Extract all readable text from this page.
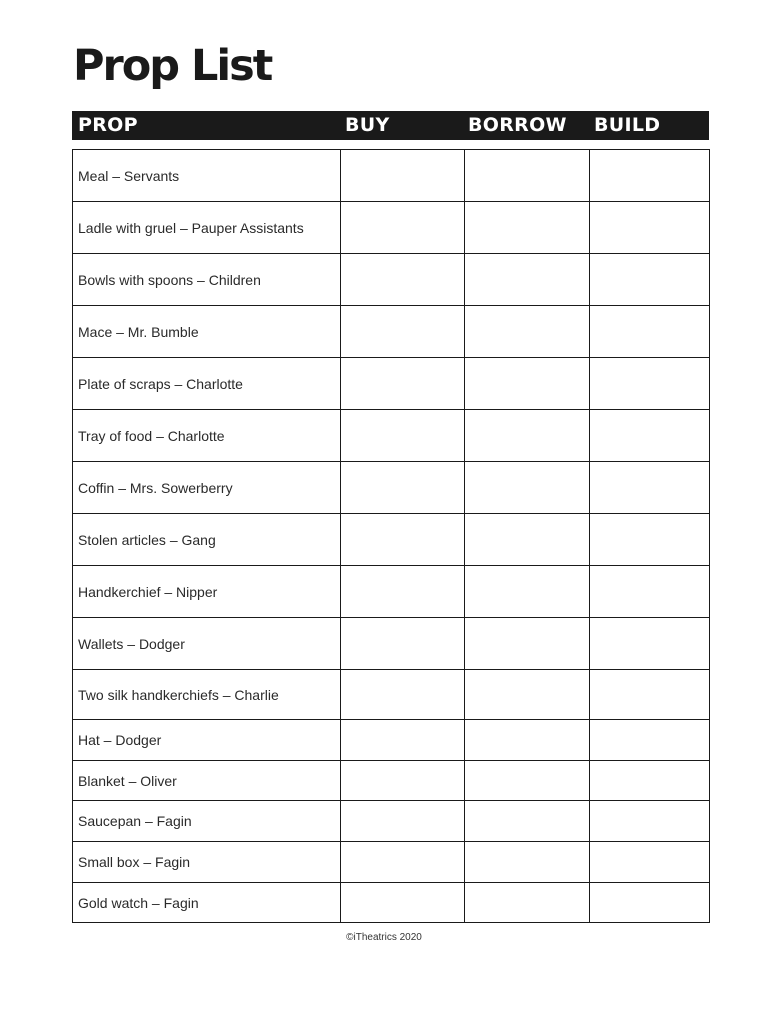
Prop List
PROP	BUY	BORROW BUILD
Meal – Servants			
Ladle with gruel – Pauper Assistants			
Bowls with spoons – Children			
Mace – Mr. Bumble			
Plate of scraps – Charlotte			
Tray of food – Charlotte			
Coffin – Mrs. Sowerberry			
Stolen articles – Gang			
Handkerchief – Nipper			
Wallets – Dodger			
Two silk handkerchiefs – Charlie			
Hat – Dodger			
Blanket – Oliver			
Saucepan – Fagin			
Small box – Fagin			
Gold watch – Fagin			
©iTheatrics 2020
